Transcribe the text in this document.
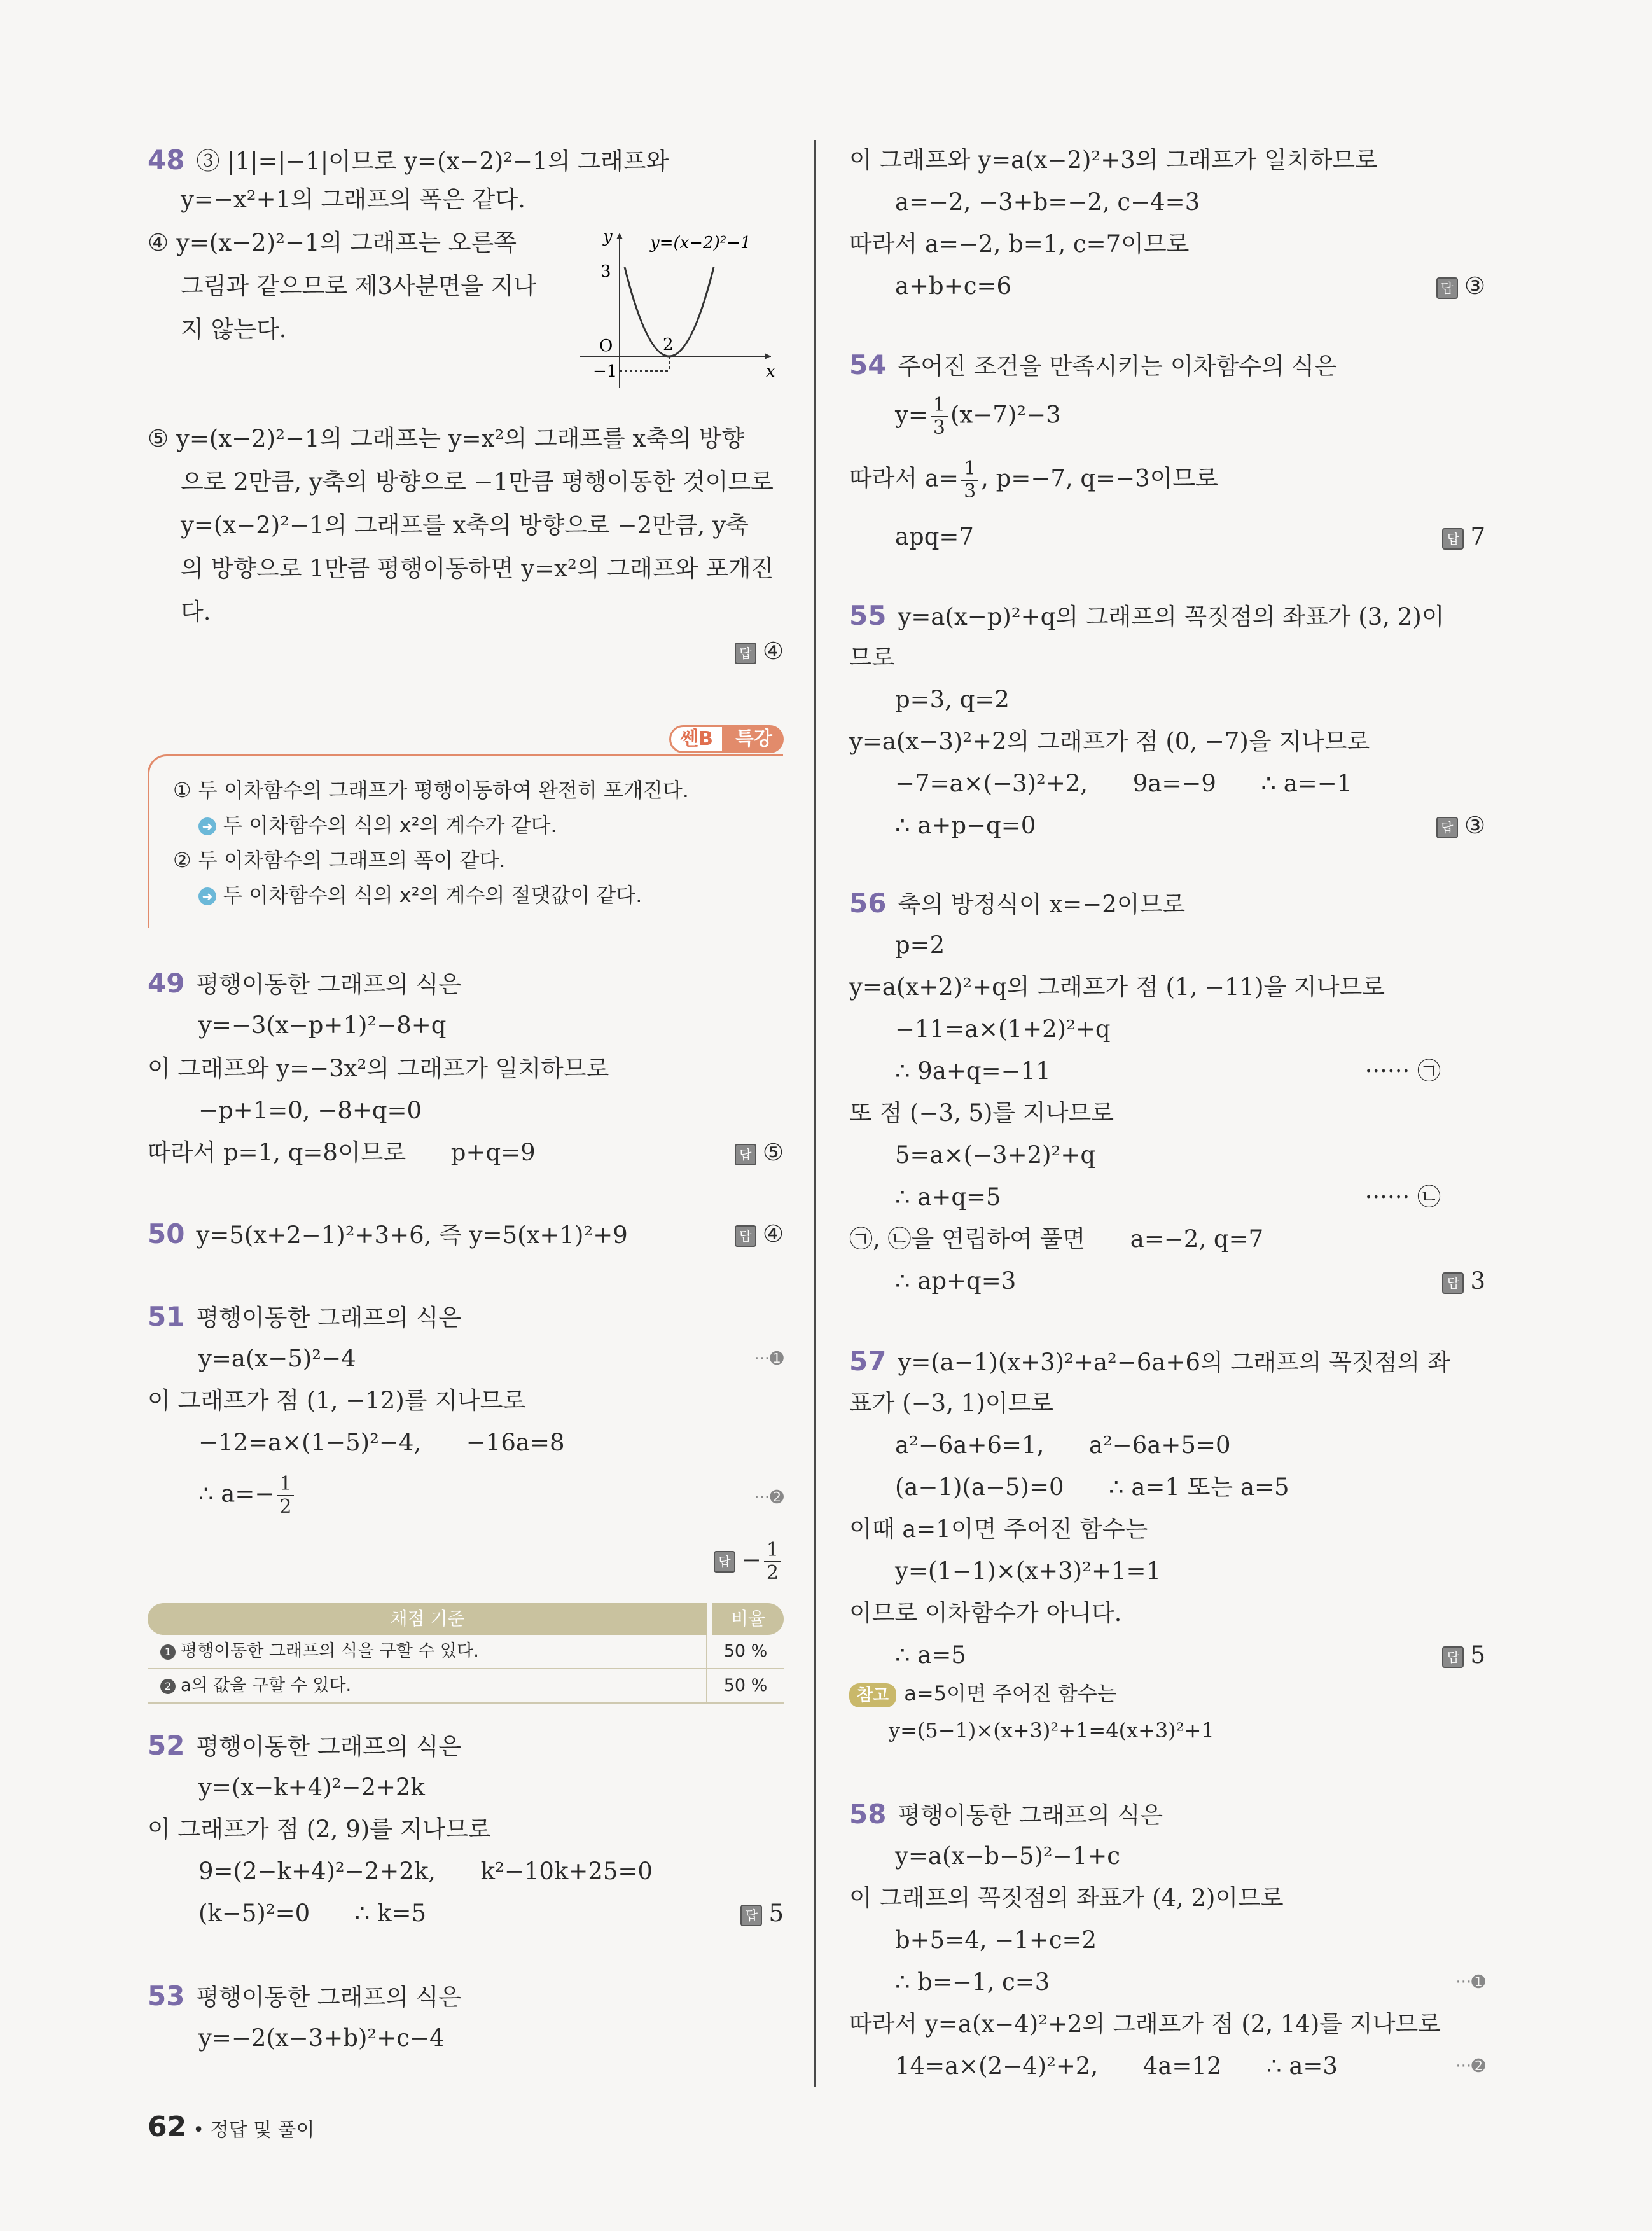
48 ③ |1|=|−1|이므로 y=(x−2)²−1의 그래프와
y=−x²+1의 그래프의 폭은 같다.
④ y=(x−2)²−1의 그래프는 오른쪽
그림과 같으므로 제3사분면을 지나
지 않는다.
y
x
3
O	2
−1
y=(x−2)²−1
⑤ y=(x−2)²−1의 그래프는 y=x²의 그래프를 x축의 방향
으로 2만큼, y축의 방향으로 −1만큼 평행이동한 것이므로
y=(x−2)²−1의 그래프를 x축의 방향으로 −2만큼, y축
의 방향으로 1만큼 평행이동하면 y=x²의 그래프와 포개진
다.
답 ④
쎈B	특강
① 두 이차함수의 그래프가 평행이동하여 완전히 포개진다.
➜ 두 이차함수의 식의 x²의 계수가 같다.
② 두 이차함수의 그래프의 폭이 같다.
➜ 두 이차함수의 식의 x²의 계수의 절댓값이 같다.
49 평행이동한 그래프의 식은
y=−3(x−p+1)²−8+q
이 그래프와 y=−3x²의 그래프가 일치하므로
−p+1=0, −8+q=0
따라서 p=1, q=8이므로      p+q=9	답 ⑤
50 y=5(x+2−1)²+3+6, 즉 y=5(x+1)²+9	답 ④
51 평행이동한 그래프의 식은
y=a(x−5)²−4	···➊
이 그래프가 점 (1, −12)를 지나므로
−12=a×(1−5)²−4,      −16a=8
∴ $a=- \frac{1}{2}$	···➋
답 − $\frac{1}{2}$
채점 기준	비율
1 평행이동한 그래프의 식을 구할 수 있다.	50 %
2 a의 값을 구할 수 있다.	50 %
52 평행이동한 그래프의 식은
y=(x−k+4)²−2+2k
이 그래프가 점 (2, 9)를 지나므로
9=(2−k+4)²−2+2k,      k²−10k+25=0
(k−5)²=0      ∴ k=5	답 5
53 평행이동한 그래프의 식은
y=−2(x−3+b)²+c−4
이 그래프와 y=a(x−2)²+3의 그래프가 일치하므로
a=−2, −3+b=−2, c−4=3
따라서 a=−2, b=1, c=7이므로
a+b+c=6	답 ③
54 주어진 조건을 만족시키는 이차함수의 식은
$y= \frac{1}{3} (x-7)^2-3$
따라서 $a= \frac{1}{3}$ , p=−7, q=−3이므로
apq=7	답 7
55 y=a(x−p)²+q의 그래프의 꼭짓점의 좌표가 (3, 2)이
므로
p=3, q=2
y=a(x−3)²+2의 그래프가 점 (0, −7)을 지나므로
−7=a×(−3)²+2,      9a=−9      ∴ a=−1
∴ a+p−q=0	답 ③
56 축의 방정식이 x=−2이므로
p=2
y=a(x+2)²+q의 그래프가 점 (1, −11)을 지나므로
−11=a×(1+2)²+q
∴ 9a+q=−11	······ ㉠
또 점 (−3, 5)를 지나므로
5=a×(−3+2)²+q
∴ a+q=5	······ ㉡
㉠, ㉡을 연립하여 풀면      a=−2, q=7
∴ ap+q=3	답 3
57 y=(a−1)(x+3)²+a²−6a+6의 그래프의 꼭짓점의 좌
표가 (−3, 1)이므로
a²−6a+6=1,      a²−6a+5=0
(a−1)(a−5)=0      ∴ a=1 또는 a=5
이때 a=1이면 주어진 함수는
y=(1−1)×(x+3)²+1=1
이므로 이차함수가 아니다.
∴ a=5	답 5
참고 a=5이면 주어진 함수는
y=(5−1)×(x+3)²+1=4(x+3)²+1
58 평행이동한 그래프의 식은
y=a(x−b−5)²−1+c
이 그래프의 꼭짓점의 좌표가 (4, 2)이므로
b+5=4, −1+c=2
∴ b=−1, c=3	···➊
따라서 y=a(x−4)²+2의 그래프가 점 (2, 14)를 지나므로
14=a×(2−4)²+2,      4a=12      ∴ a=3	···➋
62 • 정답 및 풀이
